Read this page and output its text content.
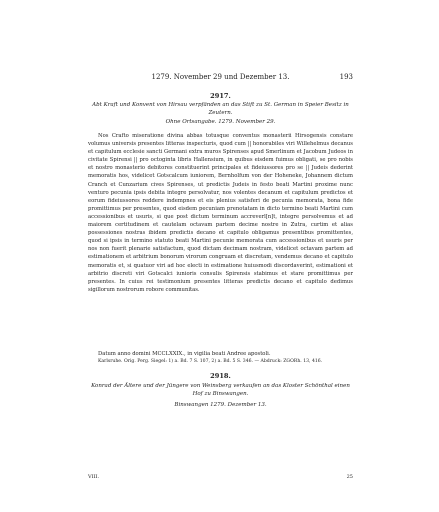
1279. November 29 und Dezember 13.	193
2917.
Abt Kraft und Konvent von Hirsau verpfänden an das Stift zu St. German in Speier Besitz in Zeutern.
Ohne Ortsangabe. 1279. November 29.

Nos Crafto miseratione divina abbas totusque conventus monasterii Hirsogensis constare volumus universis presentes litteras inspecturis, quod cum || honorabiles viri Willehelmus decanus et capitulum ecclesie sancti Germani extra muros Spirenses apud Smerlinum et Jacobum Judeos in civitate Spirensi || pro octoginta libris Hallensium, in quibus eisdem fuimus obligati, se pro nobis et nostro monasterio debitores constituerint principales et fideiussores pro se || Judeis dederint memoratis hos, videlicet Gotscalcum iuniorem, Bernholfum von der Hohenekе, Johannem dictum Cranch et Cunzarium cives Spirenses, ut predictis Judeis in festo beati Martini proxime nunc venturo pecunia ipsis debita integre persolvatur, nos volentes decanum et capitulum predictos et eorum fideiussores reddere indempnes et eis plenius satisferi de pecunia memorata, bona fide promittimus per presentes, quod eisdem pecuniam prenotatam in dicto termino beati Martini cum accessionibus et usuris, si que post dictum terminum accreverl[n]t, integre persolvemus et ad maiorem certitudinem et cautelam octavam partem decime nostre in Zutra, curtim et alias possessiones nostras ibidem predictis decano et capitulo obligamus presentibus promittentes, quod si ipsis in termino statuto beati Martini pecunie memorata cum accessionibus et usuris per nos non fuerit plenarie satisfactum, quod dictam decimam nostram, videlicet octavam partem ad estimationem et arbitrium bonorum virorum congruam et discretam, vendemus decano et capitulo memoratis et, si quatuor viri ad hoc electi in estimatione huiusmodi discordaverint, estimationi et arbitrio discreti viri Gotscalci iunioris consulis Spirensis stabimus et stare promittimus per presentes. In cuius rei testimonium presentes litteras predictis decano et capitulo dedimus sigillorum nostrorum robore communitas.

Datum anno domini MCCLXXIX., in vigilia beati Andree apostoli.
Karlsruhe. Orig. Perg. Siegel: 1) a. Bd. 7 S. 107, 2) a. Bd. 5 S. 346. — Abdruck: ZGORh. 13, 416.
2918.
Konrad der Ältere und der Jüngere von Weinsberg verkaufen an das Kloster Schönthal einen Hof zu Binswangen.
Binswangen 1279. Dezember 13.
VIII.	25
